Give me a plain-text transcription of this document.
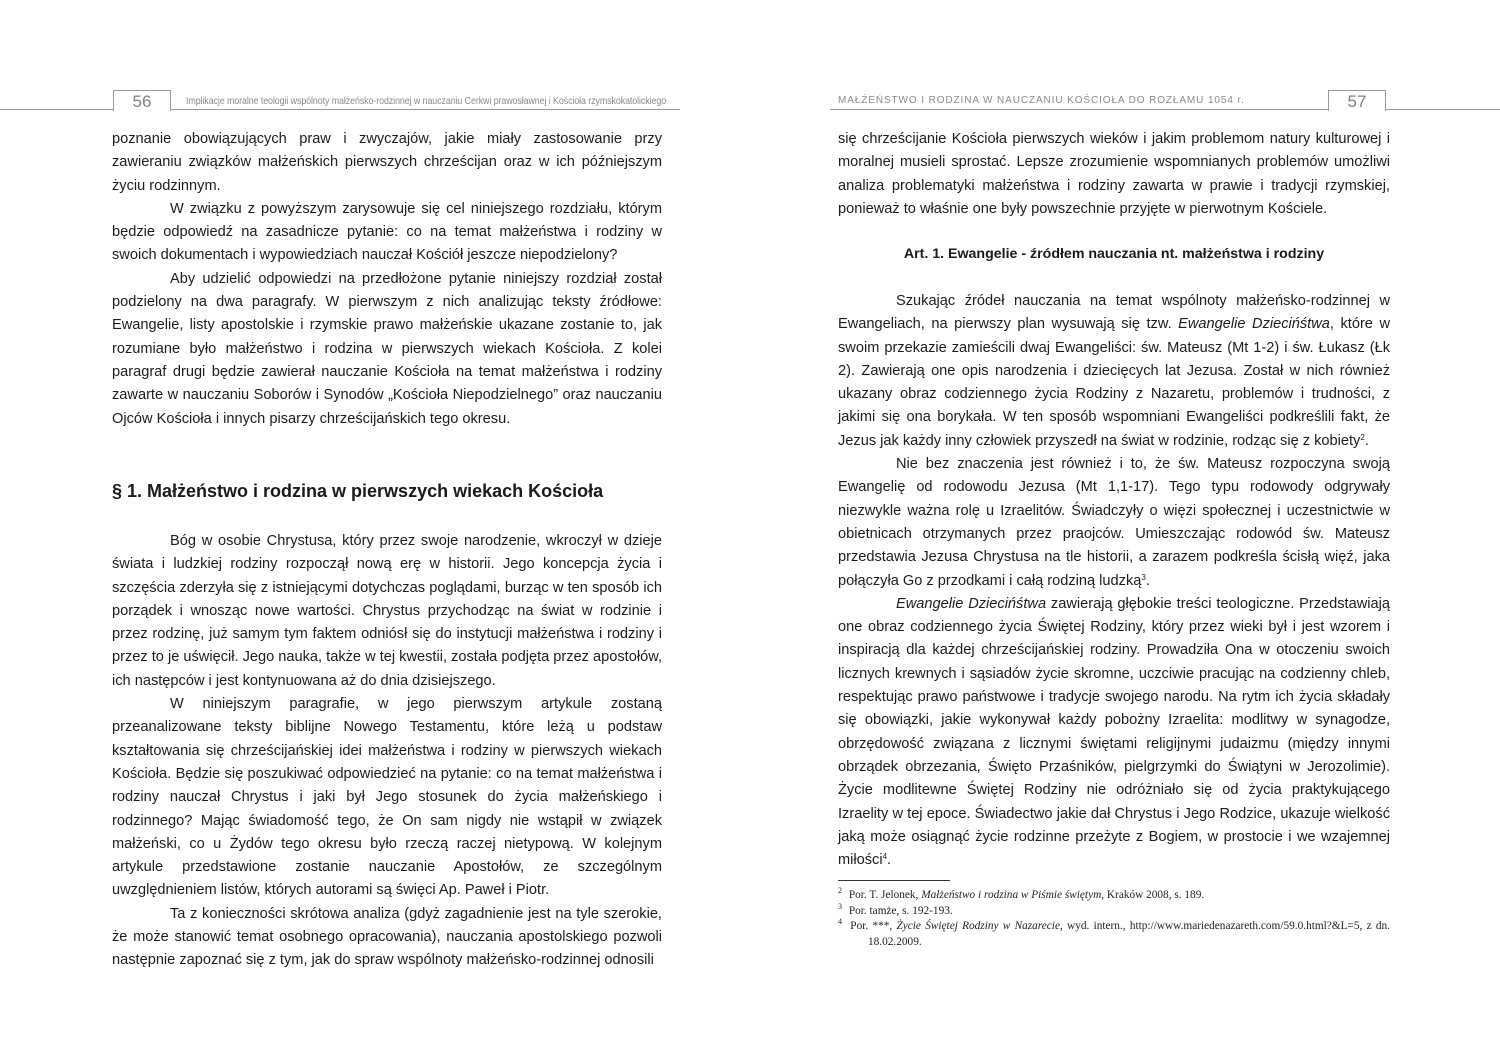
56	Implikacje moralne teologii wspólnoty małżeńsko-rodzinnej w nauczaniu Cerkwi prawosławnej i Kościoła rzymskokatolickiego

poznanie obowiązujących praw i zwyczajów, jakie miały zastosowanie przy zawieraniu związków małżeńskich pierwszych chrześcijan oraz w ich późniejszym życiu rodzinnym.

W związku z powyższym zarysowuje się cel niniejszego rozdziału, którym będzie odpowiedź na zasadnicze pytanie: co na temat małżeństwa i rodziny w swoich dokumentach i wypowiedziach nauczał Kościół jeszcze niepodzielony?

Aby udzielić odpowiedzi na przedłożone pytanie niniejszy rozdział został podzielony na dwa paragrafy. W pierwszym z nich analizując teksty źródłowe: Ewangelie, listy apostolskie i rzymskie prawo małżeńskie ukazane zostanie to, jak rozumiane było małżeństwo i rodzina w pierwszych wiekach Kościoła. Z kolei paragraf drugi będzie zawierał nauczanie Kościoła na temat małżeństwa i rodziny zawarte w nauczaniu Soborów i Synodów „Kościoła Niepodzielnego” oraz nauczaniu Ojców Kościoła i innych pisarzy chrześcijańskich tego okresu.

§ 1. Małżeństwo i rodzina w pierwszych wiekach Kościoła

Bóg w osobie Chrystusa, który przez swoje narodzenie, wkroczył w dzieje świata i ludzkiej rodziny rozpoczął nową erę w historii. Jego koncepcja życia i szczęścia zderzyła się z istniejącymi dotychczas poglądami, burząc w ten sposób ich porządek i wnosząc nowe wartości. Chrystus przychodząc na świat w rodzinie i przez rodzinę, już samym tym faktem odniósł się do instytucji małżeństwa i rodziny i przez to je uświęcił. Jego nauka, także w tej kwestii, została podjęta przez apostołów, ich następców i jest kontynuowana aż do dnia dzisiejszego.

W niniejszym paragrafie, w jego pierwszym artykule zostaną przeanalizowane teksty biblijne Nowego Testamentu, które leżą u podstaw kształtowania się chrześcijańskiej idei małżeństwa i rodziny w pierwszych wiekach Kościoła. Będzie się poszukiwać odpowiedzieć na pytanie: co na temat małżeństwa i rodziny nauczał Chrystus i jaki był Jego stosunek do życia małżeńskiego i rodzinnego? Mając świadomość tego, że On sam nigdy nie wstąpił w związek małżeński, co u Żydów tego okresu było rzeczą raczej nietypową. W kolejnym artykule przedstawione zostanie nauczanie Apostołów, ze szczególnym uwzględnieniem listów, których autorami są święci Ap. Paweł i Piotr.

Ta z konieczności skrótowa analiza (gdyż zagadnienie jest na tyle szerokie, że może stanowić temat osobnego opracowania), nauczania apostolskiego pozwoli następnie zapoznać się z tym, jak do spraw wspólnoty małżeńsko-rodzinnej odnosili

MAŁŻEŃSTWO I RODZINA W NAUCZANIU KOŚCIOŁA DO ROZŁAMU 1054 r.	57

się chrześcijanie Kościoła pierwszych wieków i jakim problemom natury kulturowej i moralnej musieli sprostać. Lepsze zrozumienie wspomnianych problemów umożliwi analiza problematyki małżeństwa i rodziny zawarta w prawie i tradycji rzymskiej, ponieważ to właśnie one były powszechnie przyjęte w pierwotnym Kościele.

Art. 1. Ewangelie - źródłem nauczania nt. małżeństwa i rodziny

Szukając źródeł nauczania na temat wspólnoty małżeńsko-rodzinnej w Ewangeliach, na pierwszy plan wysuwają się tzw. Ewangelie Dziecińśtwa, które w swoim przekazie zamieścili dwaj Ewangeliści: św. Mateusz (Mt 1-2) i św. Łukasz (Łk 2). Zawierają one opis narodzenia i dziecięcych lat Jezusa. Został w nich również ukazany obraz codziennego życia Rodziny z Nazaretu, problemów i trudności, z jakimi się ona borykała. W ten sposób wspomniani Ewangeliści podkreślili fakt, że Jezus jak każdy inny człowiek przyszedł na świat w rodzinie, rodząc się z kobiety$^2$.

Nie bez znaczenia jest również i to, że św. Mateusz rozpoczyna swoją Ewangelię od rodowodu Jezusa (Mt 1,1-17). Tego typu rodowody odgrywały niezwykle ważna rolę u Izraelitów. Świadczyły o więzi społecznej i uczestnictwie w obietnicach otrzymanych przez praojców. Umieszczając rodowód św. Mateusz przedstawia Jezusa Chrystusa na tle historii, a zarazem podkreśla ścisłą więź, jaka połączyła Go z przodkami i całą rodziną ludzką$^3$.

Ewangelie Dziecińśtwa zawierają głębokie treści teologiczne. Przedstawiają one obraz codziennego życia Świętej Rodziny, który przez wieki był i jest wzorem i inspiracją dla każdej chrześcijańskiej rodziny. Prowadziła Ona w otoczeniu swoich licznych krewnych i sąsiadów życie skromne, uczciwie pracując na codzienny chleb, respektując prawo państwowe i tradycje swojego narodu. Na rytm ich życia składały się obowiązki, jakie wykonywał każdy pobożny Izraelita: modlitwy w synagodze, obrzędowość związana z licznymi świętami religijnymi judaizmu (między innymi obrządek obrzezania, Święto Przaśników, pielgrzymki do Świątyni w Jerozolimie). Życie modlitewne Świętej Rodziny nie odróżniało się od życia praktykującego Izraelity w tej epoce. Świadectwo jakie dał Chrystus i Jego Rodzice, ukazuje wielkość jaką może osiągnąć życie rodzinne przeżyte z Bogiem, w prostocie i we wzajemnej miłości$^4$.

$^2$ Por. T. Jelonek, Małżeństwo i rodzina w Piśmie świętym, Kraków 2008, s. 189.

$^3$ Por. tamże, s. 192-193.

$^4$ Por. ***, Życie Świętej Rodziny w Nazarecie, wyd. intern., http://www.mariedenazareth.com/59.0.html?&L=5, z dn. 18.02.2009.
